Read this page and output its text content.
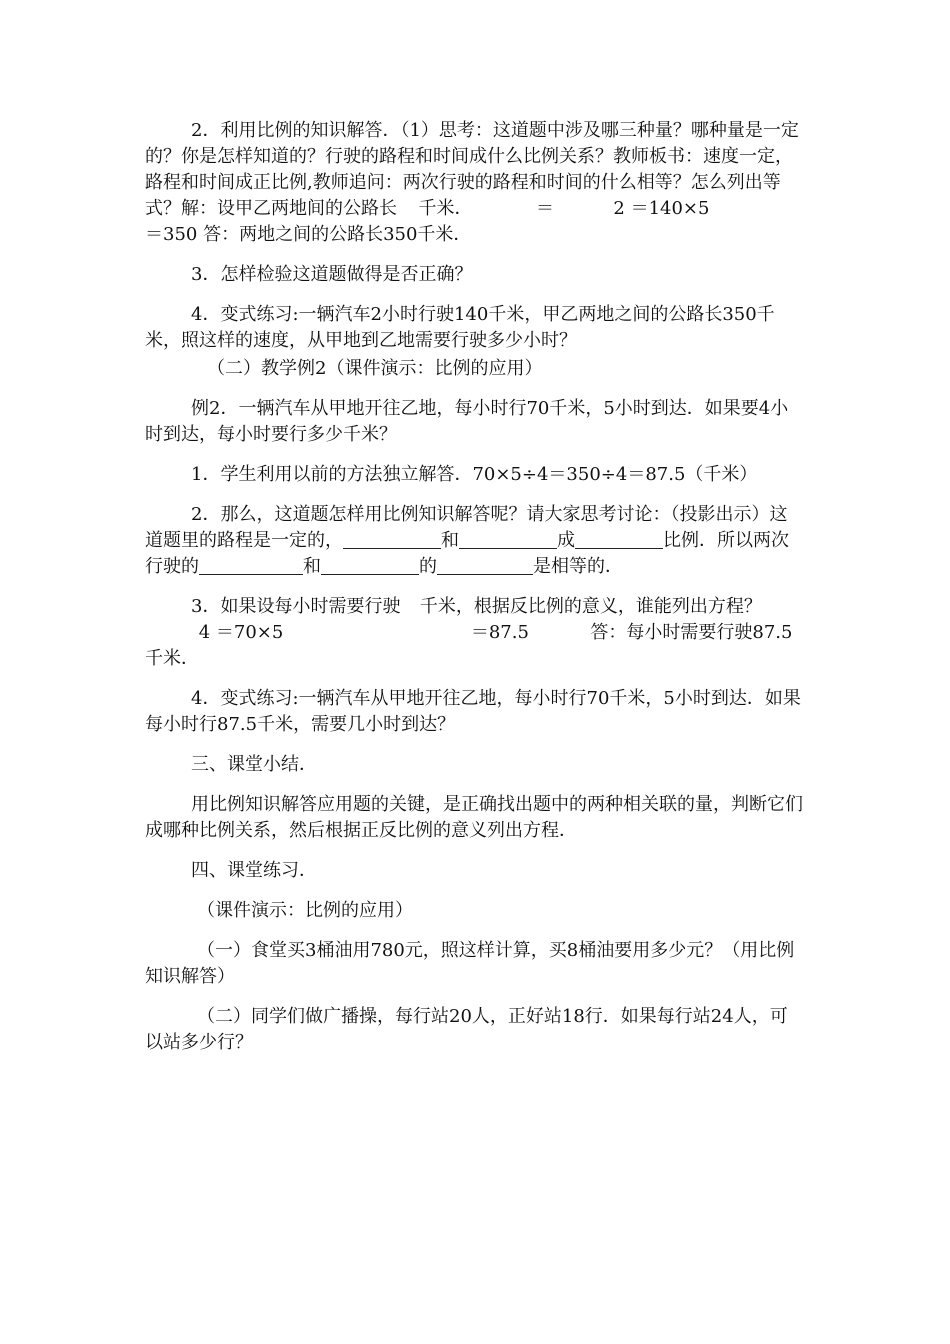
2．利用比例的知识解答．（1）思考：这道题中涉及哪三种量？哪种量是一定的？你是怎样知道的？行驶的路程和时间成什么比例关系？教师板书：速度一定，路程和时间成正比例,教师追问：两次行驶的路程和时间的什么相等？怎么列出等式？解：设甲乙两地间的公路长 千米．	＝	2 ＝140×5  ＝350 答：两地之间的公路长350千米．

3．怎样检验这道题做得是否正确？

4．变式练习:一辆汽车2小时行驶140千米，甲乙两地之间的公路长350千米，照这样的速度，从甲地到乙地需要行驶多少小时？

（二）教学例2（课件演示：比例的应用）

例2．一辆汽车从甲地开往乙地，每小时行70千米，5小时到达．如果要4小时到达，每小时要行多少千米？

1．学生利用以前的方法独立解答．70×5÷4＝350÷4＝87.5（千米）

2．那么，这道题怎样用比例知识解答呢？请大家思考讨论：（投影出示）这道题里的路程是一定的，	和	成	比例．所以两次行驶的	和	的	是相等的．

3．如果设每小时需要行驶 千米，根据反比例的意义，谁能列出方程？  4 ＝70×5	＝87.5	答：每小时需要行驶87.5千米．

4．变式练习:一辆汽车从甲地开往乙地，每小时行70千米，5小时到达．如果每小时行87.5千米，需要几小时到达？

三、课堂小结．

用比例知识解答应用题的关键，是正确找出题中的两种相关联的量，判断它们成哪种比例关系，然后根据正反比例的意义列出方程．

四、课堂练习．

（课件演示：比例的应用）

（一）食堂买3桶油用780元，照这样计算，买8桶油要用多少元？（用比例知识解答）

（二）同学们做广播操，每行站20人，正好站18行．如果每行站24人，可以站多少行？
